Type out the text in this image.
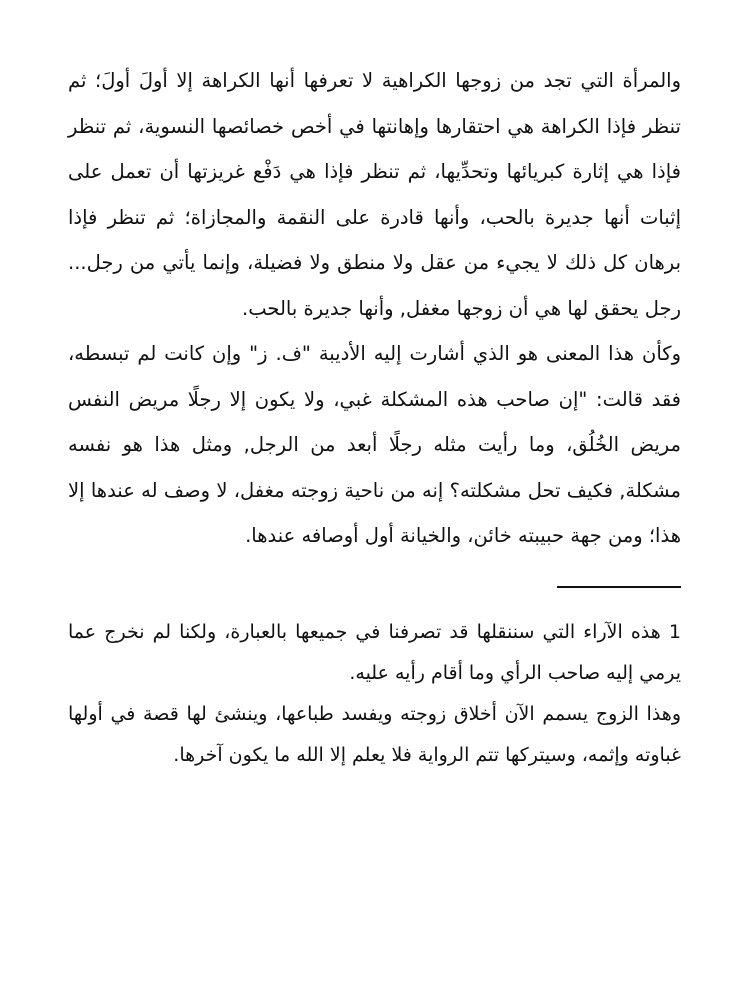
والمرأة التي تجد من زوجها الكراهية لا تعرفها أنها الكراهة إلا أولَ أولَ؛ ثم تنظر فإذا الكراهة هي احتقارها وإهانتها في أخص خصائصها النسوية، ثم تنظر فإذا هي إثارة كبريائها وتحدِّيها، ثم تنظر فإذا هي دَفْع غريزتها أن تعمل على إثبات أنها جديرة بالحب، وأنها قادرة على النقمة والمجازاة؛ ثم تنظر فإذا برهان كل ذلك لا يجيء من عقل ولا منطق ولا فضيلة، وإنما يأتي من رجل... رجل يحقق لها هي أن زوجها مغفل, وأنها جديرة بالحب.

وكأن هذا المعنى هو الذي أشارت إليه الأديبة "ف. ز" وإن كانت لم تبسطه، فقد قالت: "إن صاحب هذه المشكلة غبي، ولا يكون إلا رجلًا مريض النفس مريض الخُلُق، وما رأيت مثله رجلًا أبعد من الرجل, ومثل هذا هو نفسه مشكلة, فكيف تحل مشكلته؟ إنه من ناحية زوجته مغفل، لا وصف له عندها إلا هذا؛ ومن جهة حبيبته خائن، والخيانة أول أوصافه عندها.

1 هذه الآراء التي سننقلها قد تصرفنا في جميعها بالعبارة، ولكنا لم نخرج عما يرمي إليه صاحب الرأي وما أقام رأيه عليه.

وهذا الزوج يسمم الآن أخلاق زوجته ويفسد طباعها، وينشئ لها قصة في أولها غباوته وإثمه، وسيتركها تتم الرواية فلا يعلم إلا الله ما يكون آخرها.
